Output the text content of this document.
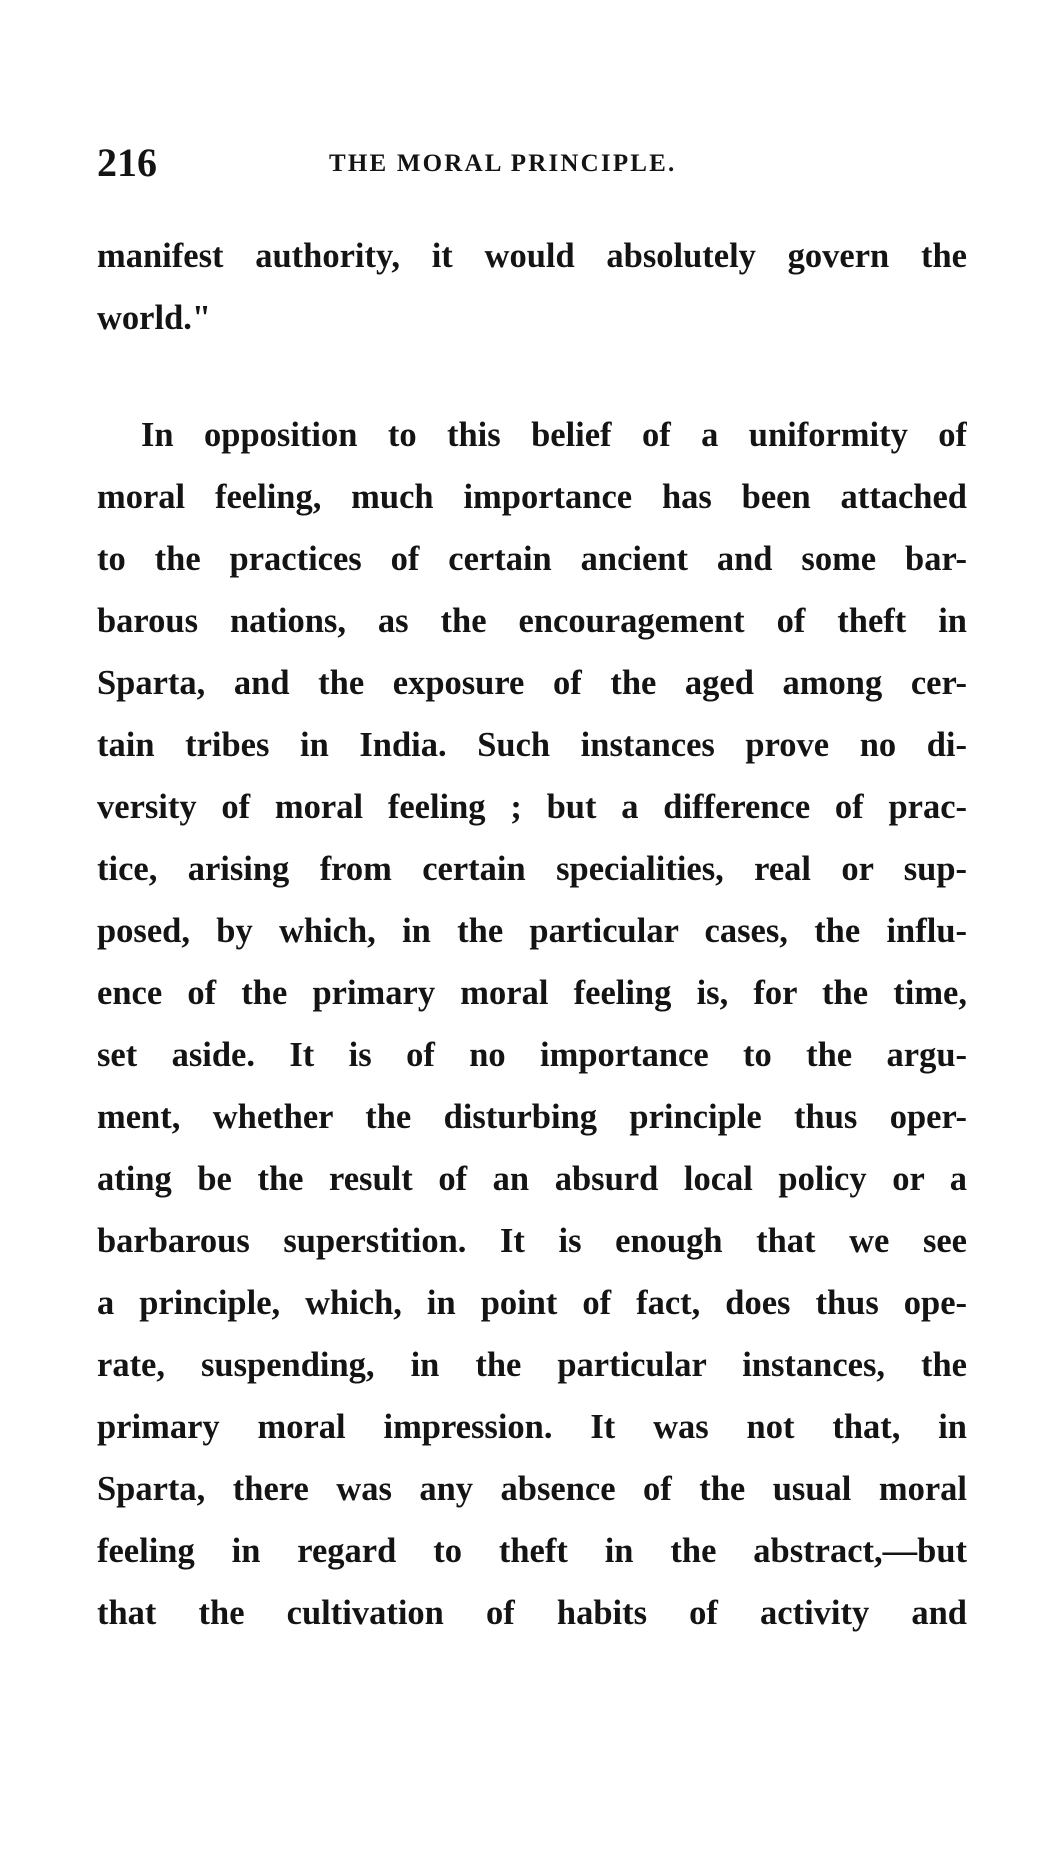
216	THE MORAL PRINCIPLE.
manifest authority, it would absolutely govern the
world."
In opposition to this belief of a uniformity of
moral feeling, much importance has been attached
to the practices of certain ancient and some bar-
barous nations, as the encouragement of theft in
Sparta, and the exposure of the aged among cer-
tain tribes in India. Such instances prove no di-
versity of moral feeling ; but a difference of prac-
tice, arising from certain specialities, real or sup-
posed, by which, in the particular cases, the influ-
ence of the primary moral feeling is, for the time,
set aside. It is of no importance to the argu-
ment, whether the disturbing principle thus oper-
ating be the result of an absurd local policy or a
barbarous superstition. It is enough that we see
a principle, which, in point of fact, does thus ope-
rate, suspending, in the particular instances, the
primary moral impression. It was not that, in
Sparta, there was any absence of the usual moral
feeling in regard to theft in the abstract,—but
that the cultivation of habits of activity and
